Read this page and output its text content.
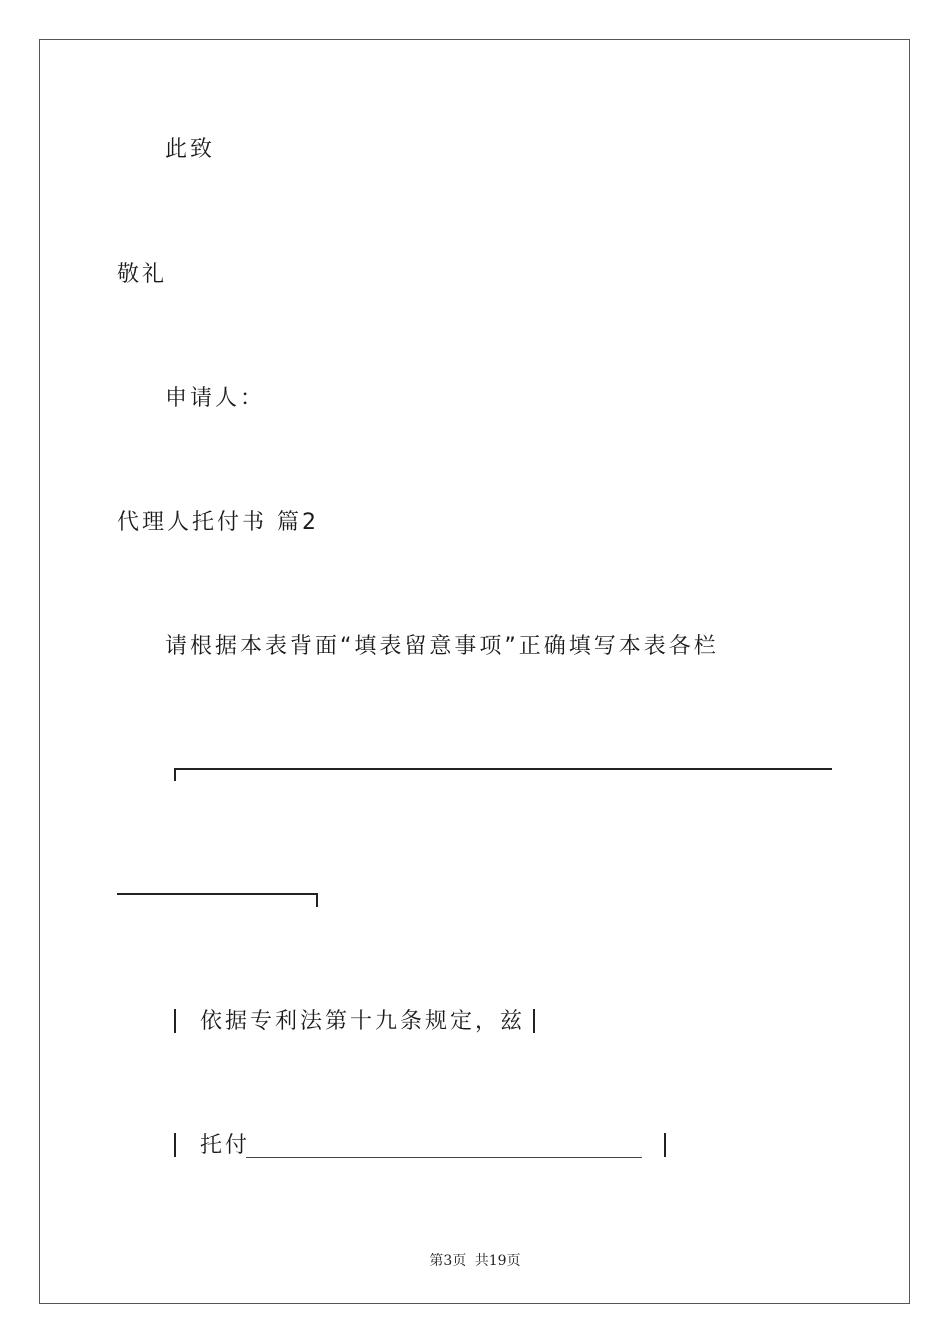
此致
敬礼
申请人：
代理人托付书 篇2
请根据本表背面“填表留意事项”正确填写本表各栏
依据专利法第十九条规定，兹
托付
第3页 共19页
